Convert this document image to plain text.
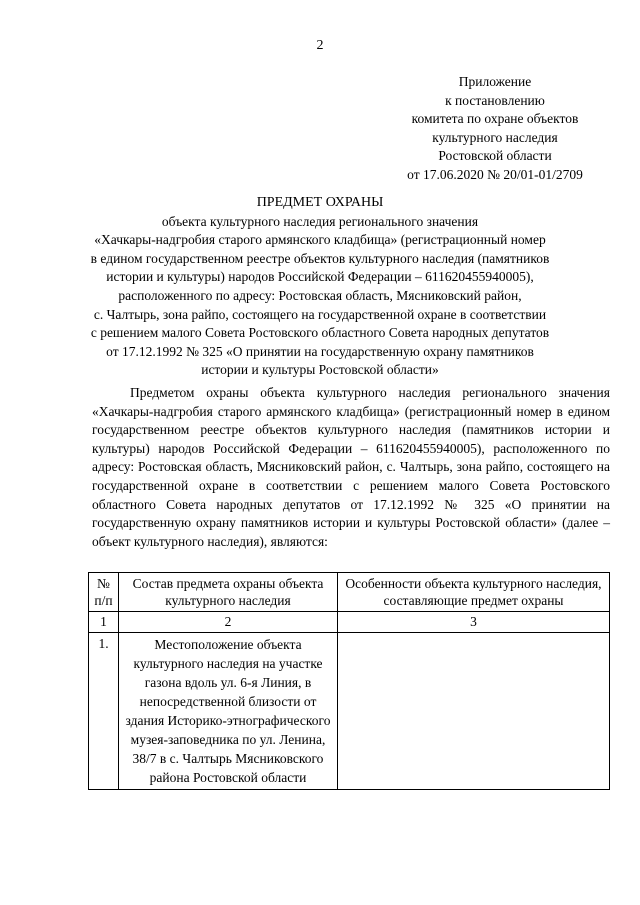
2
Приложение
к постановлению
комитета по охране объектов
культурного наследия
Ростовской области
от 17.06.2020 № 20/01-01/2709
ПРЕДМЕТ ОХРАНЫ
объекта культурного наследия регионального значения
«Хачкары-надгробия старого армянского кладбища» (регистрационный номер
в едином государственном реестре объектов культурного наследия (памятников
истории и культуры) народов Российской Федерации – 611620455940005),
расположенного по адресу: Ростовская область, Мясниковский район,
с. Чалтырь, зона райпо, состоящего на государственной охране в соответствии
с решением малого Совета Ростовского областного Совета народных депутатов
от 17.12.1992 № 325 «О принятии на государственную охрану памятников
истории и культуры Ростовской области»

Предметом охраны объекта культурного наследия регионального значения «Хачкары-надгробия старого армянского кладбища» (регистрационный номер в едином государственном реестре объектов культурного наследия (памятников истории и культуры) народов Российской Федерации – 611620455940005), расположенного по адресу: Ростовская область, Мясниковский район, с. Чалтырь, зона райпо, состоящего на государственной охране в соответствии с решением малого Совета Ростовского областного Совета народных депутатов от 17.12.1992 № 325 «О принятии на государственную охрану памятников истории и культуры Ростовской области» (далее – объект культурного наследия), являются:

№ п/п	Состав предмета охраны объекта культурного наследия	Особенности объекта культурного наследия, составляющие предмет охраны
1	2	3
1.	Местоположение объекта культурного наследия на участке газона вдоль ул. 6-я Линия, в непосредственной близости от здания Историко-этнографического музея-заповедника по ул. Ленина, 38/7 в с. Чалтырь Мясниковского района Ростовской области	
